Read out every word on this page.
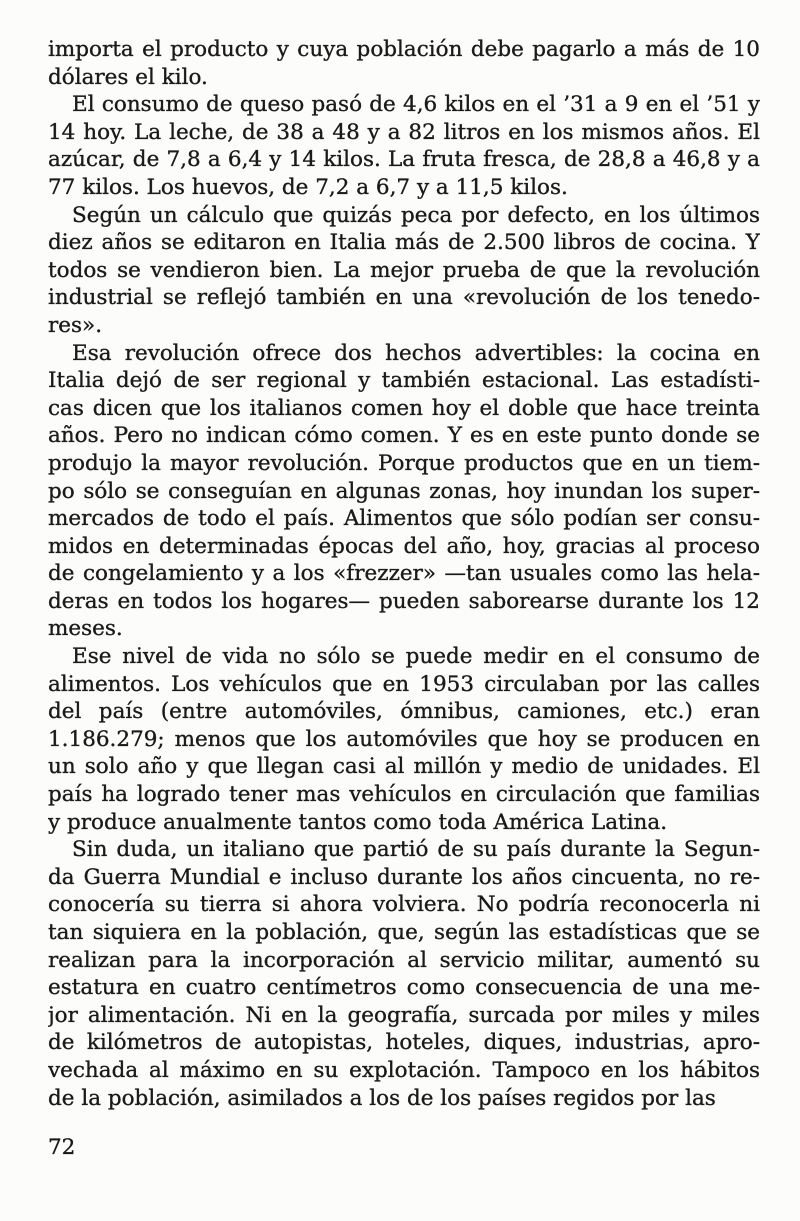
importa el producto y cuya población debe pagarlo a más de 10
dólares el kilo.
El consumo de queso pasó de 4,6 kilos en el ’31 a 9 en el ’51 y
14 hoy. La leche, de 38 a 48 y a 82 litros en los mismos años. El
azúcar, de 7,8 a 6,4 y 14 kilos. La fruta fresca, de 28,8 a 46,8 y a
77 kilos. Los huevos, de 7,2 a 6,7 y a 11,5 kilos.
Según un cálculo que quizás peca por defecto, en los últimos
diez años se editaron en Italia más de 2.500 libros de cocina. Y
todos se vendieron bien. La mejor prueba de que la revolución
industrial se reflejó también en una «revolución de los tenedo-
res».
Esa revolución ofrece dos hechos advertibles: la cocina en
Italia dejó de ser regional y también estacional. Las estadísti-
cas dicen que los italianos comen hoy el doble que hace treinta
años. Pero no indican cómo comen. Y es en este punto donde se
produjo la mayor revolución. Porque productos que en un tiem-
po sólo se conseguían en algunas zonas, hoy inundan los super-
mercados de todo el país. Alimentos que sólo podían ser consu-
midos en determinadas épocas del año, hoy, gracias al proceso
de congelamiento y a los «frezzer» —tan usuales como las hela-
deras en todos los hogares— pueden saborearse durante los 12
meses.
Ese nivel de vida no sólo se puede medir en el consumo de
alimentos. Los vehículos que en 1953 circulaban por las calles
del país (entre automóviles, ómnibus, camiones, etc.) eran
1.186.279; menos que los automóviles que hoy se producen en
un solo año y que llegan casi al millón y medio de unidades. El
país ha logrado tener mas vehículos en circulación que familias
y produce anualmente tantos como toda América Latina.
Sin duda, un italiano que partió de su país durante la Segun-
da Guerra Mundial e incluso durante los años cincuenta, no re-
conocería su tierra si ahora volviera. No podría reconocerla ni
tan siquiera en la población, que, según las estadísticas que se
realizan para la incorporación al servicio militar, aumentó su
estatura en cuatro centímetros como consecuencia de una me-
jor alimentación. Ni en la geografía, surcada por miles y miles
de kilómetros de autopistas, hoteles, diques, industrias, apro-
vechada al máximo en su explotación. Tampoco en los hábitos
de la población, asimilados a los de los países regidos por las
72
